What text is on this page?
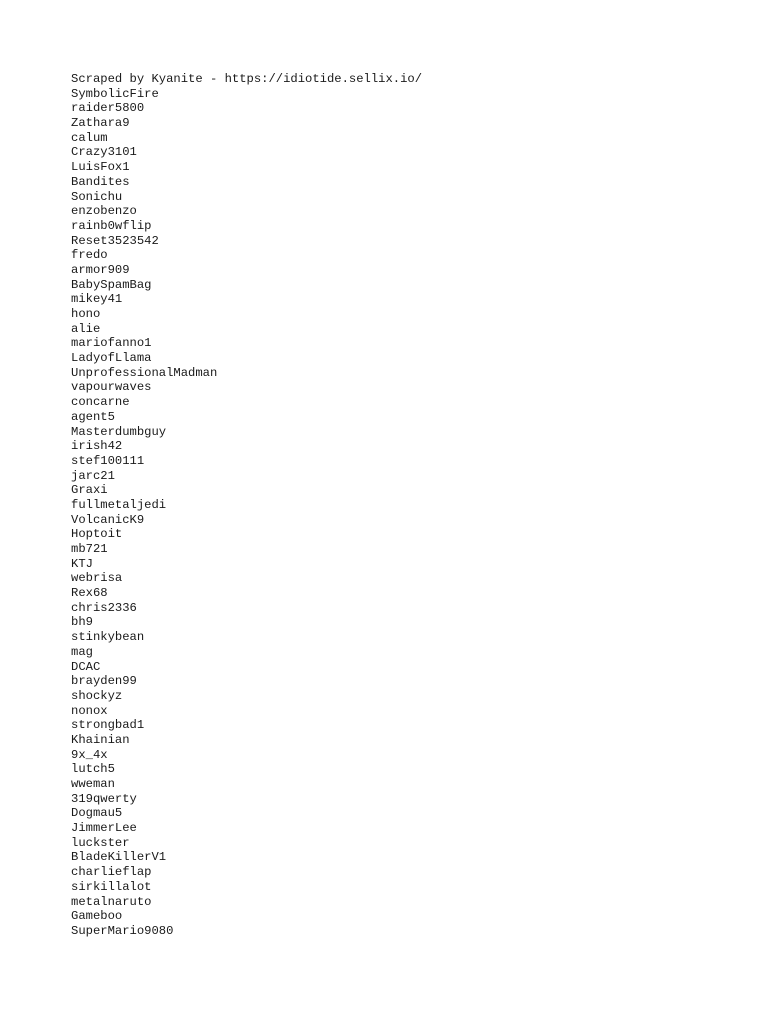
Scraped by Kyanite - https://idiotide.sellix.io/
SymbolicFire
raider5800
Zathara9
calum
Crazy3101
LuisFox1
Bandites
Sonichu
enzobenzo
rainb0wflip
Reset3523542
fredo
armor909
BabySpamBag
mikey41
hono
alie
mariofanno1
LadyofLlama
UnprofessionalMadman
vapourwaves
concarne
agent5
Masterdumbguy
irish42
stef100111
jarc21
Graxi
fullmetaljedi
VolcanicK9
Hoptoit
mb721
KTJ
webrisa
Rex68
chris2336
bh9
stinkybean
mag
DCAC
brayden99
shockyz
nonox
strongbad1
Khainian
9x_4x
lutch5
wweman
319qwerty
Dogmau5
JimmerLee
luckster
BladeKillerV1
charlieflap
sirkillalot
metalnaruto
Gameboo
SuperMario9080
